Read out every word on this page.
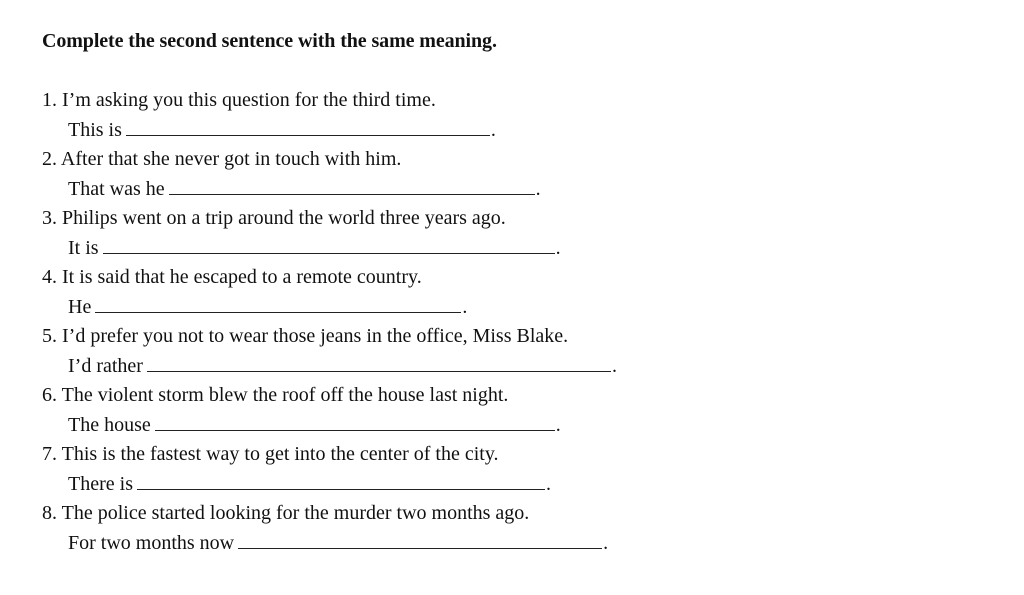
Complete the second sentence with the same meaning.
1. I’m asking you this question for the third time.
This is	.
2. After that she never got in touch with him.
That was he	.
3. Philips went on a trip around the world three years ago.
It is	.
4. It is said that he escaped to a remote country.
He	.
5. I’d prefer you not to wear those jeans in the office, Miss Blake.
I’d rather	.
6. The violent storm blew the roof off the house last night.
The house	.
7. This is the fastest way to get into the center of the city.
There is	.
8. The police started looking for the murder two months ago.
For two months now	.
